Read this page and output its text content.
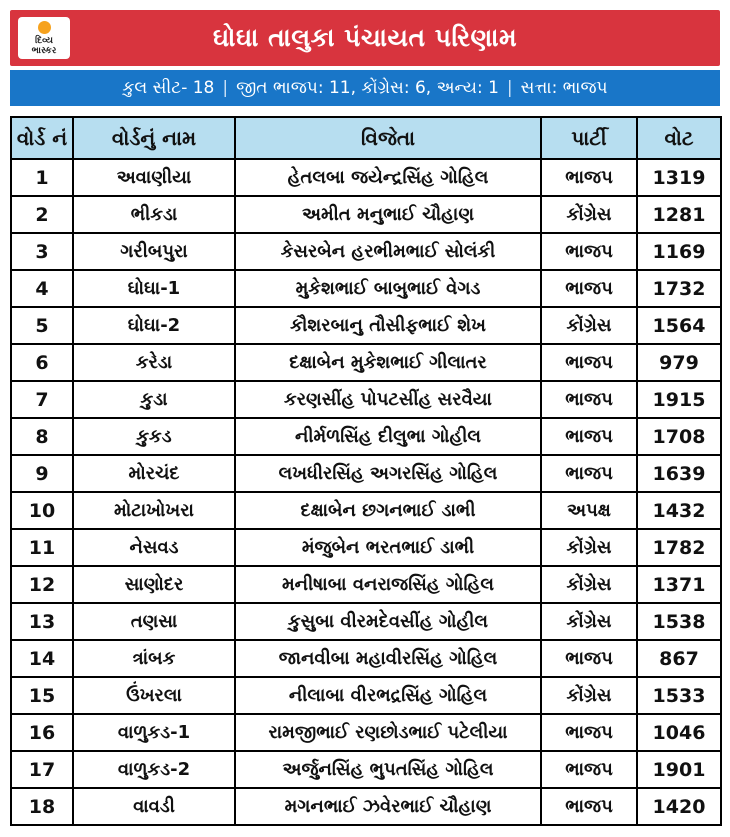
દિવ્ય
ભાસ્કર	ઘોઘા તાલુકા પંચાયત પરિણામ
કુલ સીટ- 18 | જીત ભાજપ: 11, કોંગ્રેસ: 6, અન્ય: 1 | સત્તા: ભાજપ
વોર્ડ નં	વોર્ડનું નામ	વિજેતા	પાર્ટી	વોટ
1	અવાણીયા	હેતલબા જયેન્દ્રસિંહ ગોહિલ	ભાજપ	1319
2	ભીકડા	અમીત મનુભાઈ ચૌહાણ	કોંગ્રેસ	1281
3	ગરીબપુરા	કેસરબેન હરભીમભાઈ સોલંકી	ભાજપ	1169
4	ઘોઘા-1	મુકેશભાઈ બાબુભાઈ વેગડ	ભાજપ	1732
5	ઘોઘા-2	કૌશરબાનુ તૌસીફભાઈ શેખ	કોંગ્રેસ	1564
6	કરેડા	દક્ષાબેન મુકેશભાઈ ગીલાતર	ભાજપ	979
7	કુડા	કરણસીંહ પોપટસીંહ સરવૈયા	ભાજપ	1915
8	કુકડ	નીર્મળસિંહ દીલુભા ગોહીલ	ભાજપ	1708
9	મોરચંદ	લખધીરસિંહ અગરસિંહ ગોહિલ	ભાજપ	1639
10	મોટાખોખરા	દક્ષાબેન છગનભાઈ ડાભી	અપક્ષ	1432
11	નેસવડ	મંજુબેન ભરતભાઈ ડાભી	કોંગ્રેસ	1782
12	સાણોદર	મનીષાબા વનરાજસિંહ ગોહિલ	કોંગ્રેસ	1371
13	તણસા	કુસુબા વીરમદેવસીંહ ગોહીલ	કોંગ્રેસ	1538
14	ત્રાંબક	જાનવીબા મહાવીરસિંહ ગોહિલ	ભાજપ	867
15	ઉંખરલા	નીલાબા વીરભદ્રસિંહ ગોહિલ	કોંગ્રેસ	1533
16	વાળુકડ-1	રામજીભાઈ રણછોડભાઈ પટેલીયા	ભાજપ	1046
17	વાળુકડ-2	અર્જુનસિંહ ભુપતસિંહ ગોહિલ	ભાજપ	1901
18	વાવડી	મગનભાઈ ઝવેરભાઈ ચૌહાણ	ભાજપ	1420
